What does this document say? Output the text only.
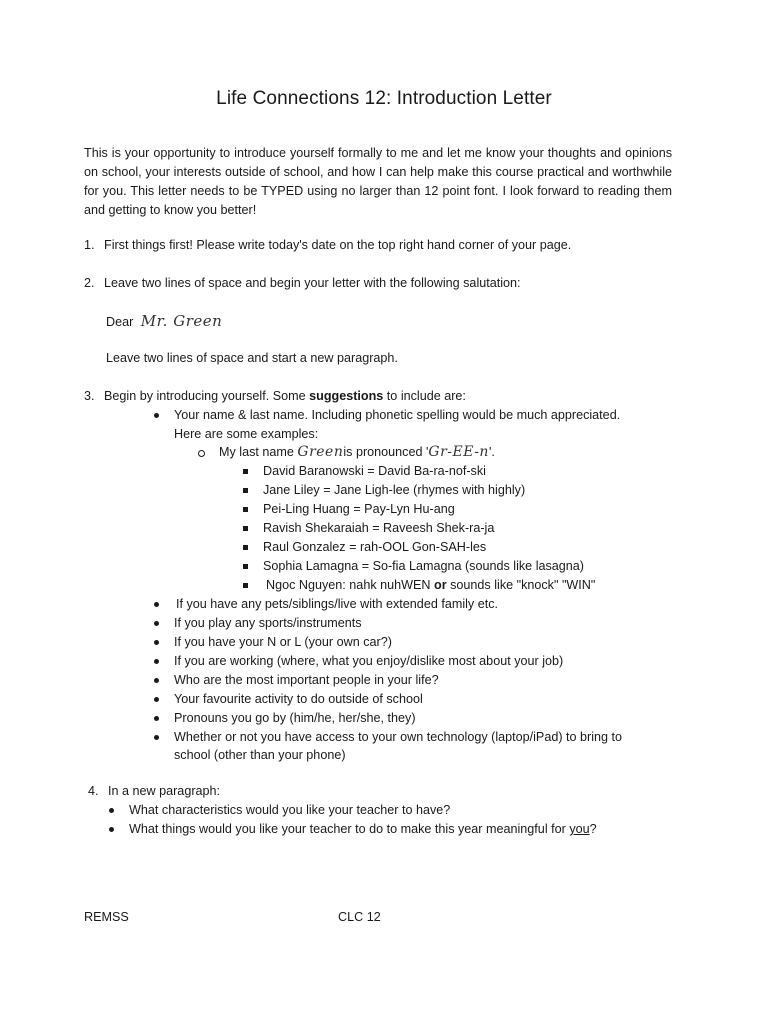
Life Connections 12: Introduction Letter
This is your opportunity to introduce yourself formally to me and let me know your thoughts and opinions on school, your interests outside of school, and how I can help make this course practical and worthwhile for you. This letter needs to be TYPED using no larger than 12 point font. I look forward to reading them and getting to know you better!
1. First things first! Please write today's date on the top right hand corner of your page.
2. Leave two lines of space and begin your letter with the following salutation:
Dear Mr. Green
Leave two lines of space and start a new paragraph.
3. Begin by introducing yourself. Some suggestions to include are:
Your name & last name. Including phonetic spelling would be much appreciated.
Here are some examples:
My last name Greenis pronounced 'Gr-EE-n'.
David Baranowski = David Ba-ra-nof-ski
Jane Liley = Jane Ligh-lee (rhymes with highly)
Pei-Ling Huang = Pay-Lyn Hu-ang
Ravish Shekaraiah = Raveesh Shek-ra-ja
Raul Gonzalez = rah-OOL Gon-SAH-les
Sophia Lamagna = So-fia Lamagna (sounds like lasagna)
Ngoc Nguyen: nahk nuhWEN or sounds like "knock" "WIN"
If you have any pets/siblings/live with extended family etc.
If you play any sports/instruments
If you have your N or L (your own car?)
If you are working (where, what you enjoy/dislike most about your job)
Who are the most important people in your life?
Your favourite activity to do outside of school
Pronouns you go by (him/he, her/she, they)
Whether or not you have access to your own technology (laptop/iPad) to bring to
school (other than your phone)
4. In a new paragraph:
What characteristics would you like your teacher to have?
What things would you like your teacher to do to make this year meaningful for you?
REMSS	CLC 12
